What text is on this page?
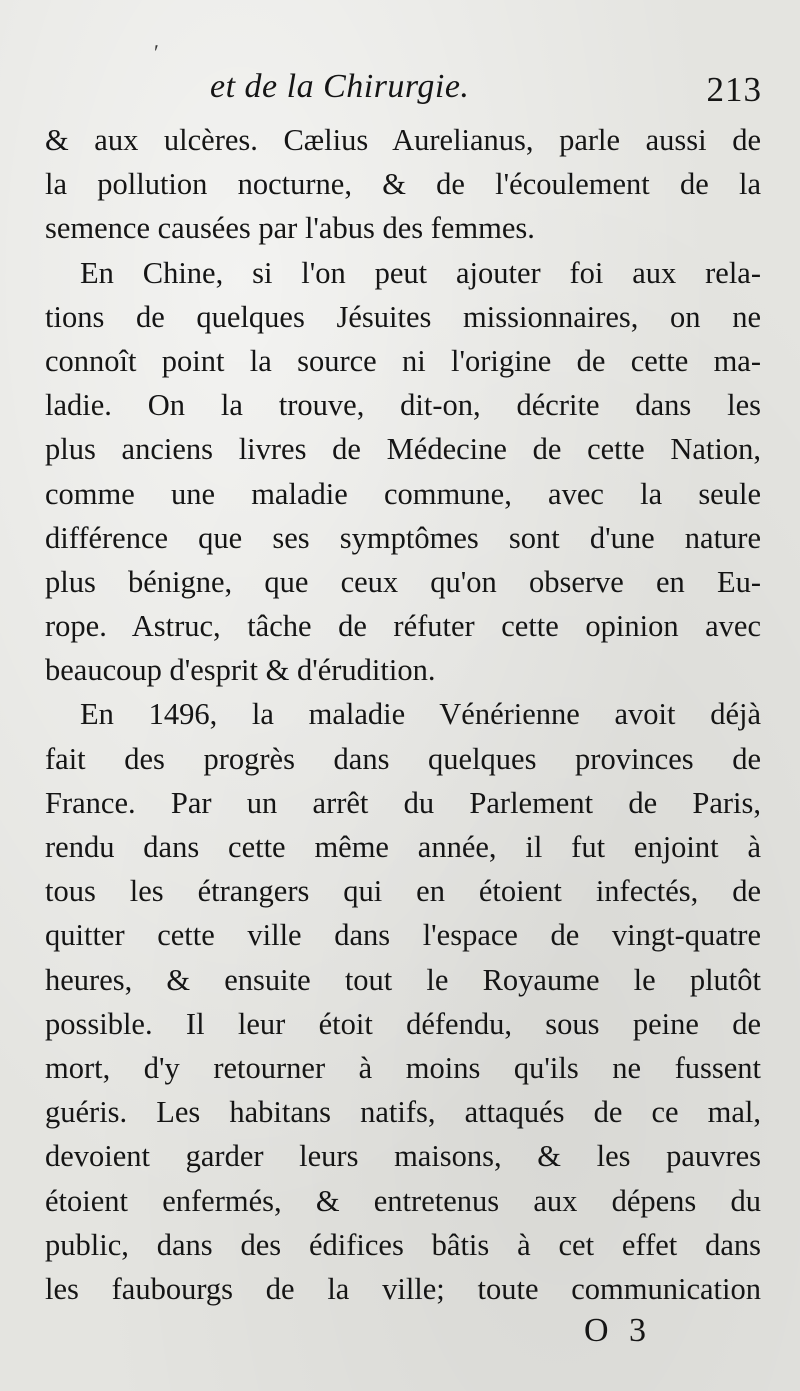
ʹ
et de la Chirurgie.	213
& aux ulcères. Cælius Aurelianus, parle aussi de
la pollution nocturne, & de l'écoulement de la
semence causées par l'abus des femmes.
En Chine, si l'on peut ajouter foi aux rela-
tions de quelques Jésuites missionnaires, on ne
connoît point la source ni l'origine de cette ma-
ladie. On la trouve, dit-on, décrite dans les
plus anciens livres de Médecine de cette Nation,
comme une maladie commune, avec la seule
différence que ses symptômes sont d'une nature
plus bénigne, que ceux qu'on observe en Eu-
rope. Astruc, tâche de réfuter cette opinion avec
beaucoup d'esprit & d'érudition.
En 1496, la maladie Vénérienne avoit déjà
fait des progrès dans quelques provinces de
France. Par un arrêt du Parlement de Paris,
rendu dans cette même année, il fut enjoint à
tous les étrangers qui en étoient infectés, de
quitter cette ville dans l'espace de vingt-quatre
heures, & ensuite tout le Royaume le plutôt
possible. Il leur étoit défendu, sous peine de
mort, d'y retourner à moins qu'ils ne fussent
guéris. Les habitans natifs, attaqués de ce mal,
devoient garder leurs maisons, & les pauvres
étoient enfermés, & entretenus aux dépens du
public, dans des édifices bâtis à cet effet dans
les faubourgs de la ville; toute communication
O 3
